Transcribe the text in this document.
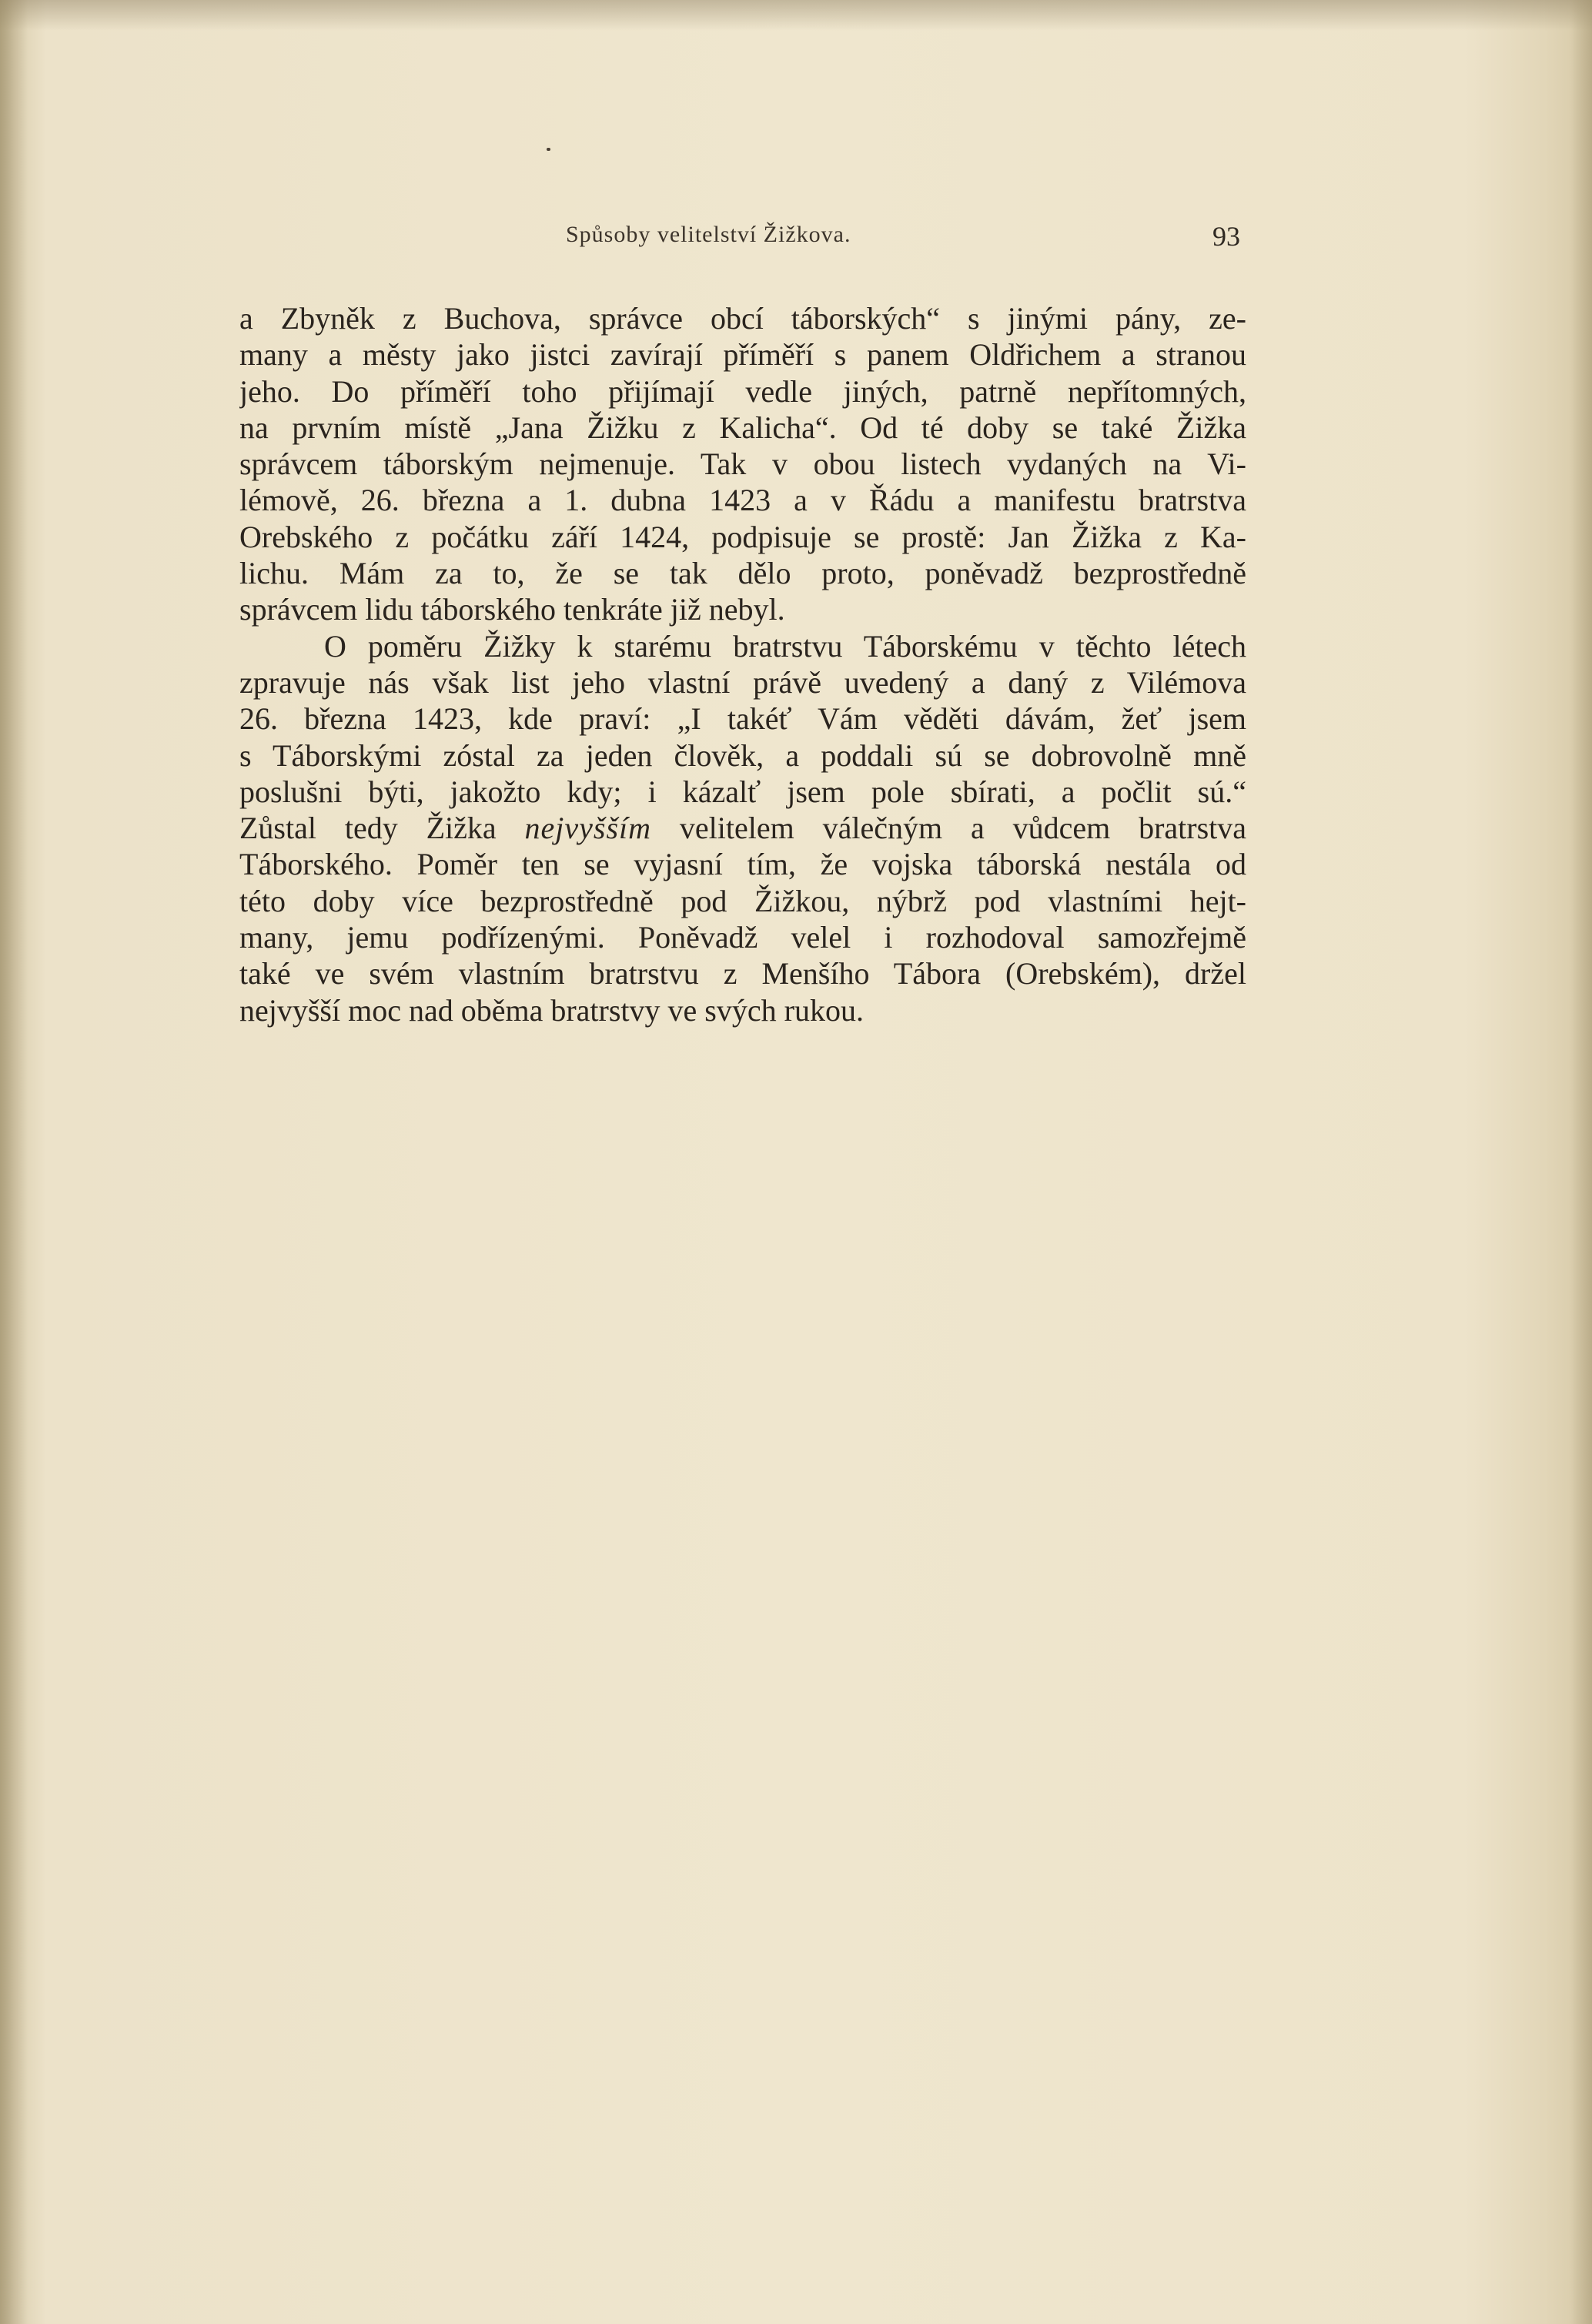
Spůsoby velitelství Žižkova.	93
a Zbyněk z Buchova, správce obcí táborských“ s jinými pány, ze-
many a městy jako jistci zavírají příměří s panem Oldřichem a stranou
jeho. Do příměří toho přijímají vedle jiných, patrně nepřítomných,
na prvním místě „Jana Žižku z Kalicha“. Od té doby se také Žižka
správcem táborským nejmenuje. Tak v obou listech vydaných na Vi-
lémově, 26. března a 1. dubna 1423 a v Řádu a manifestu bratrstva
Orebského z počátku září 1424, podpisuje se prostě: Jan Žižka z Ka-
lichu. Mám za to, že se tak dělo proto, poněvadž bezprostředně
správcem lidu táborského tenkráte již nebyl.
O poměru Žižky k starému bratrstvu Táborskému v těchto létech
zpravuje nás však list jeho vlastní právě uvedený a daný z Vilémova
26. března 1423, kde praví: „I takéť Vám věděti dávám, žeť jsem
s Táborskými zóstal za jeden člověk, a poddali sú se dobrovolně mně
poslušni býti, jakožto kdy; i kázalť jsem pole sbírati, a počlit sú.“
Zůstal tedy Žižka nejvyšším velitelem válečným a vůdcem bratrstva
Táborského. Poměr ten se vyjasní tím, že vojska táborská nestála od
této doby více bezprostředně pod Žižkou, nýbrž pod vlastními hejt-
many, jemu podřízenými. Poněvadž velel i rozhodoval samozřejmě
také ve svém vlastním bratrstvu z Menšího Tábora (Orebském), držel
nejvyšší moc nad oběma bratrstvy ve svých rukou.
